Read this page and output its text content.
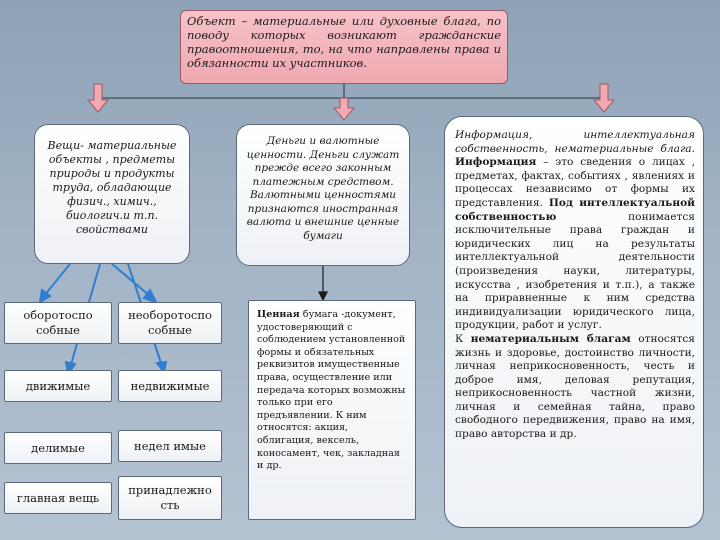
Объект – материальные или духовные блага, по поводу которых возникают гражданские правоотношения, то, на что направлены права и обязанности их участников.
Вещи- материальные объекты , предметы природы и продукты труда, обладающие физич., химич., биологич.и т.п. свойствами
Деньги и валютные ценности. Деньги служат прежде всего законным платежным средством. Валютными ценностями признаются иностранная валюта и внешние ценные бумаги
оборотоспо собные
необоротоспо собные
движимые	недвижимые
делимые	недел имые
главная вещь
принадлежно сть
Ценная бумага -документ, удостоверяющий с соблюдением установленной формы и обязательных реквизитов имущественные права, осуществление или передача которых возможны только при его предъявлении. К ним относятся: акция, облигация, вексель, коносамент, чек, закладная и др.
Информация, интеллектуальная собственность, нематериальные блага. Информация – это сведения о лицах , предметах, фактах, событиях , явлениях и процессах независимо от формы их представления. Под интеллектуальной собственностью	понимается исключительные права граждан и юридических лиц на результаты интеллектуальной деятельности (произведения науки, литературы, искусства , изобретения и т.п.), а также на приравненные к ним средства индивидуализации юридического лица, продукции, работ и услуг.
К нематериальным благам относятся жизнь и здоровье, достоинство личности, личная неприкосновенность, честь и доброе имя, деловая репутация, неприкосновенность частной жизни, личная и семейная тайна, право свободного передвижения, право на имя, право авторства и др.
